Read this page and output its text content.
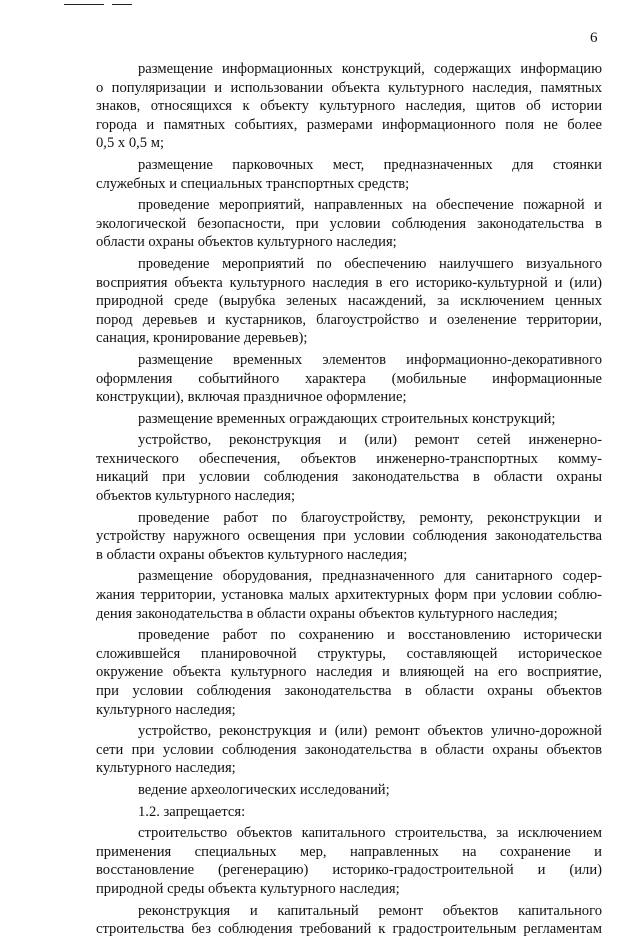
6
размещение информационных конструкций, содержащих информацию
о популяризации и использовании объекта культурного наследия, памятных
знаков, относящихся к объекту культурного наследия, щитов об истории
города и памятных событиях, размерами информационного поля не более
0,5 х 0,5 м;
размещение парковочных мест, предназначенных для стоянки
служебных и специальных транспортных средств;
проведение мероприятий, направленных на обеспечение пожарной и
экологической безопасности, при условии соблюдения законодательства в
области охраны объектов культурного наследия;
проведение мероприятий по обеспечению наилучшего визуального
восприятия объекта культурного наследия в его историко-культурной и (или)
природной среде (вырубка зеленых насаждений, за исключением ценных
пород деревьев и кустарников, благоустройство и озеленение территории,
санация, кронирование деревьев);
размещение временных элементов информационно-декоративного
оформления событийного характера (мобильные информационные
конструкции), включая праздничное оформление;
размещение временных ограждающих строительных конструкций;
устройство, реконструкция и (или) ремонт сетей инженерно-
технического обеспечения, объектов инженерно-транспортных комму-
никаций при условии соблюдения законодательства в области охраны
объектов культурного наследия;
проведение работ по благоустройству, ремонту, реконструкции и
устройству наружного освещения при условии соблюдения законодательства
в области охраны объектов культурного наследия;
размещение оборудования, предназначенного для санитарного содер-
жания территории, установка малых архитектурных форм при условии соблю-
дения законодательства в области охраны объектов культурного наследия;
проведение работ по сохранению и восстановлению исторически
сложившейся планировочной структуры, составляющей историческое
окружение объекта культурного наследия и влияющей на его восприятие,
при условии соблюдения законодательства в области охраны объектов
культурного наследия;
устройство, реконструкция и (или) ремонт объектов улично-дорожной
сети при условии соблюдения законодательства в области охраны объектов
культурного наследия;
ведение археологических исследований;
1.2. запрещается:
строительство объектов капитального строительства, за исключением
применения специальных мер, направленных на сохранение и
восстановление (регенерацию) историко-градостроительной и (или)
природной среды объекта культурного наследия;
реконструкция и капитальный ремонт объектов капитального
строительства без соблюдения требований к градостроительным регламентам
